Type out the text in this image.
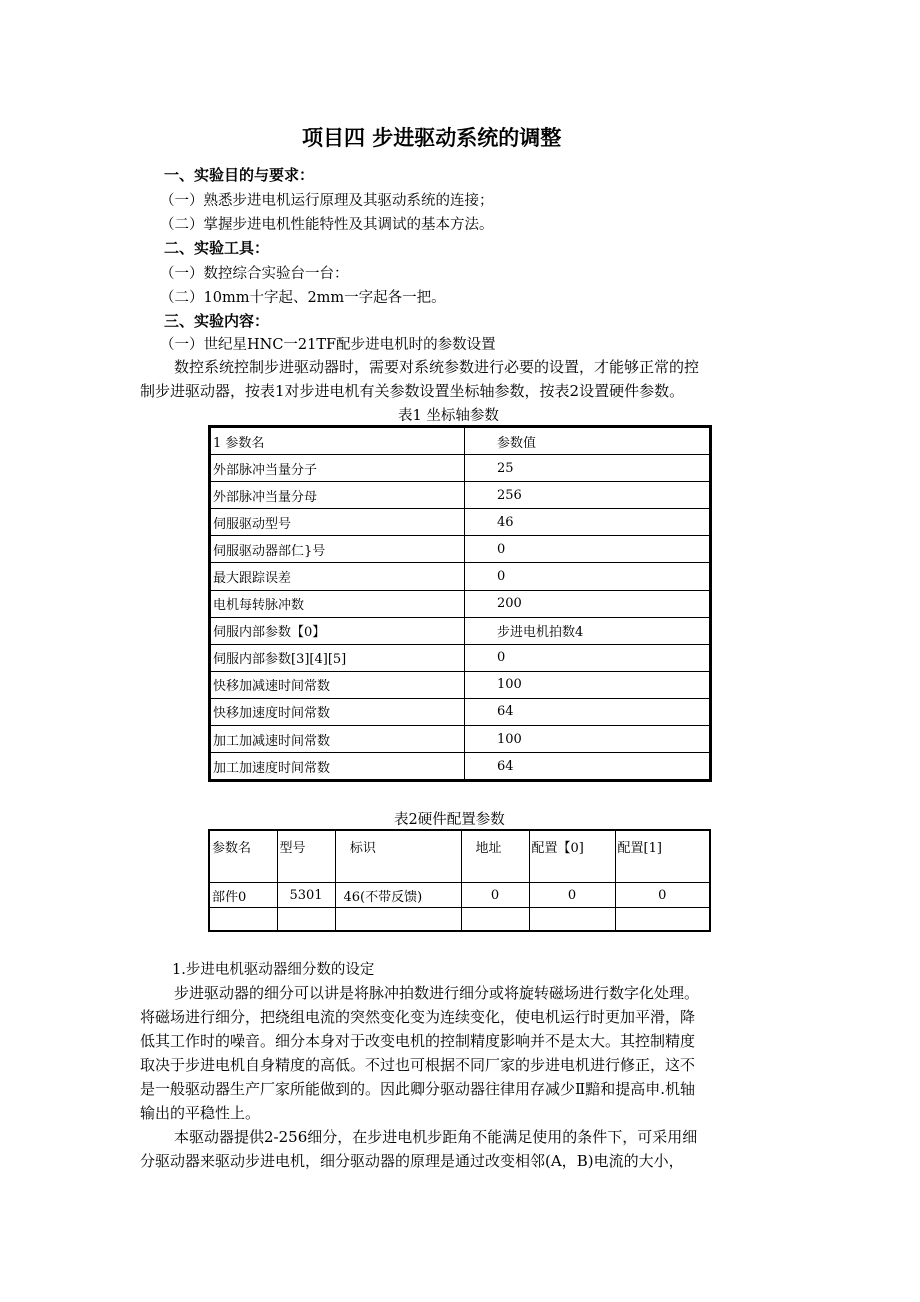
项目四 步进驱动系统的调整
一、实验目的与要求：
（一）熟悉步进电机运行原理及其驱动系统的连接；
（二）掌握步进电机性能特性及其调试的基本方法。
二、实验工具：
（一）数控综合实验台一台：
（二）10mm十字起、2mm一字起各一把。
三、实验内容：
（一）世纪星HNC一21TF配步进电机时的参数设置
数控系统控制步进驱动器时，需要对系统参数进行必要的设置，才能够正常的控
制步进驱动器，按表1对步进电机有关参数设置坐标轴参数，按表2设置硬件参数。
表1 坐标轴参数
1 参数名	参数值
外部脉冲当量分子	25
外部脉冲当量分母	256
伺服驱动型号	46
伺服驱动器部仁}号	0
最大跟踪误差	0
电机每转脉冲数	200
伺服内部参数【0】	步进电机拍数4
伺服内部参数[3][4][5]	0
快移加减速时间常数	100
快移加速度时间常数	64
加工加减速时间常数	100
加工加速度时间常数	64
表2硬件配置参数
参数名	型号	标识	地址	配置【0]	配置[1]
部件0	5301	46(不带反馈)	0	0	0

1.步进电机驱动器细分数的设定
步进驱动器的细分可以讲是将脉冲拍数进行细分或将旋转磁场进行数字化处理。
将磁场进行细分，把绕组电流的突然变化变为连续变化，使电机运行时更加平滑，降
低其工作时的噪音。细分本身对于改变电机的控制精度影响并不是太大。其控制精度
取决于步进电机自身精度的高低。不过也可根据不同厂家的步进电机进行修正，这不
是一般驱动器生产厂家所能做到的。因此卿分驱动器往律用存减少Ⅱ黯和提高申.机轴
输出的平稳性上。
本驱动器提供2-256细分，在步进电机步距角不能满足使用的条件下，可采用细
分驱动器来驱动步进电机，细分驱动器的原理是通过改变相邻(A，B)电流的大小，
